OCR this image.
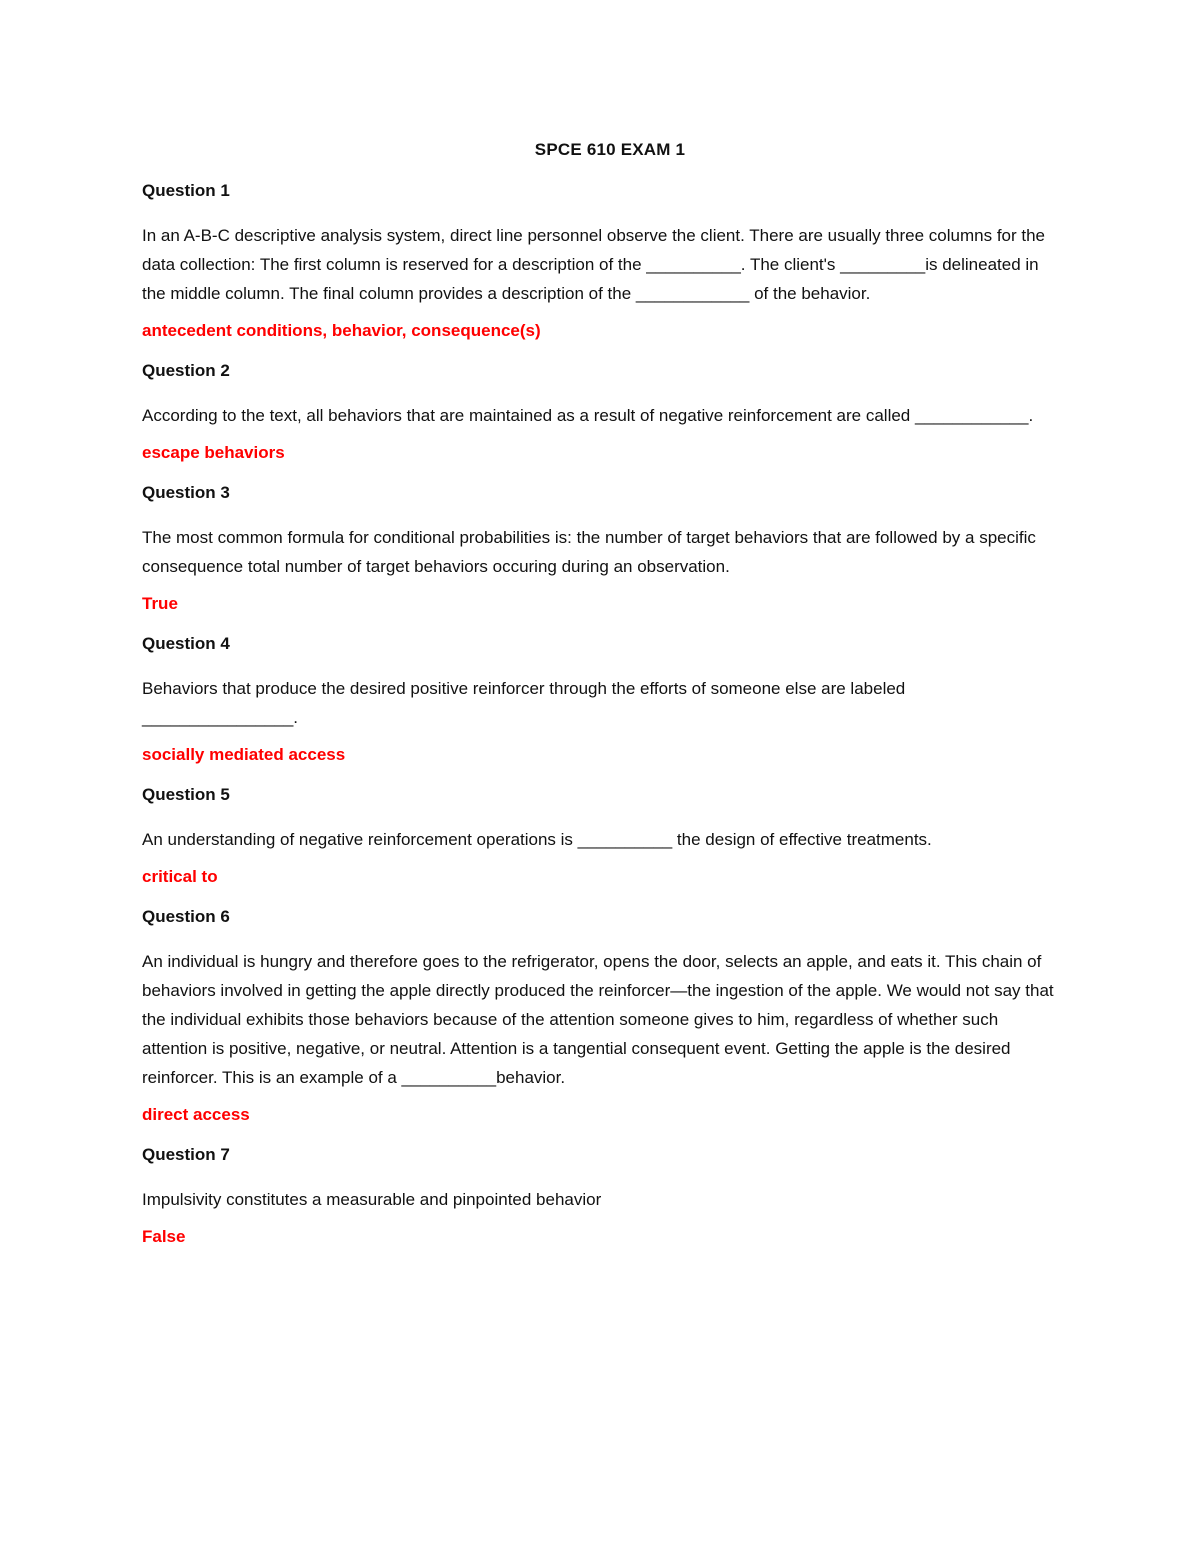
SPCE 610 EXAM 1
Question 1
In an A-B-C descriptive analysis system, direct line personnel observe the client. There are usually three columns for the data collection: The first column is reserved for a description of the __________. The client's _________is delineated in the middle column. The final column provides a description of the ____________ of the behavior.
antecedent conditions, behavior, consequence(s)
Question 2
According to the text, all behaviors that are maintained as a result of negative reinforcement are called ____________.
escape behaviors
Question 3
The most common formula for conditional probabilities is: the number of target behaviors that are followed by a specific consequence total number of target behaviors occuring during an observation.
True
Question 4
Behaviors that produce the desired positive reinforcer through the efforts of someone else are labeled ________________.
socially mediated access
Question 5
An understanding of negative reinforcement operations is __________ the design of effective treatments.
critical to
Question 6
An individual is hungry and therefore goes to the refrigerator, opens the door, selects an apple, and eats it. This chain of behaviors involved in getting the apple directly produced the reinforcer—the ingestion of the apple. We would not say that the individual exhibits those behaviors because of the attention someone gives to him, regardless of whether such attention is positive, negative, or neutral. Attention is a tangential consequent event. Getting the apple is the desired reinforcer. This is an example of a __________behavior.
direct access
Question 7
Impulsivity constitutes a measurable and pinpointed behavior
False
